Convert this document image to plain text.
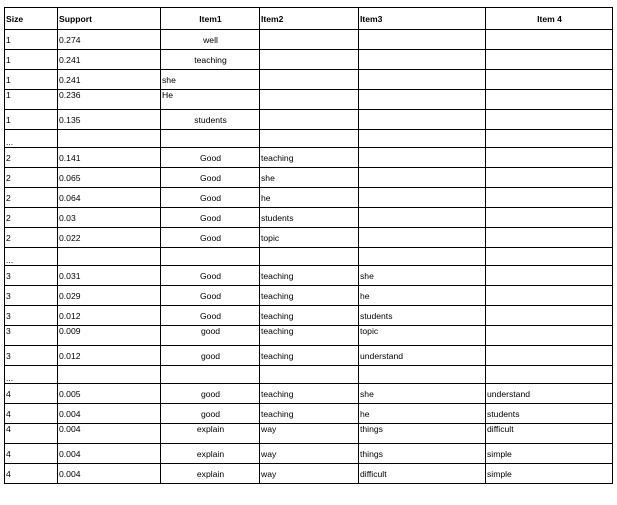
Size	Support	Item1	Item2	Item3	Item 4
1	0.274	well			
1	0.241	teaching			
1	0.241	she			
1	0.236	He			
1	0.135	students			
...					
2	0.141	Good	teaching		
2	0.065	Good	she		
2	0.064	Good	he		
2	0.03	Good	students		
2	0.022	Good	topic		
...					
3	0.031	Good	teaching	she	
3	0.029	Good	teaching	he	
3	0.012	Good	teaching	students	
3	0.009	good	teaching	topic	
3	0.012	good	teaching	understand	
...					
4	0.005	good	teaching	she	understand
4	0.004	good	teaching	he	students
4	0.004	explain	way	things	difficult
4	0.004	explain	way	things	simple
4	0.004	explain	way	difficult	simple
